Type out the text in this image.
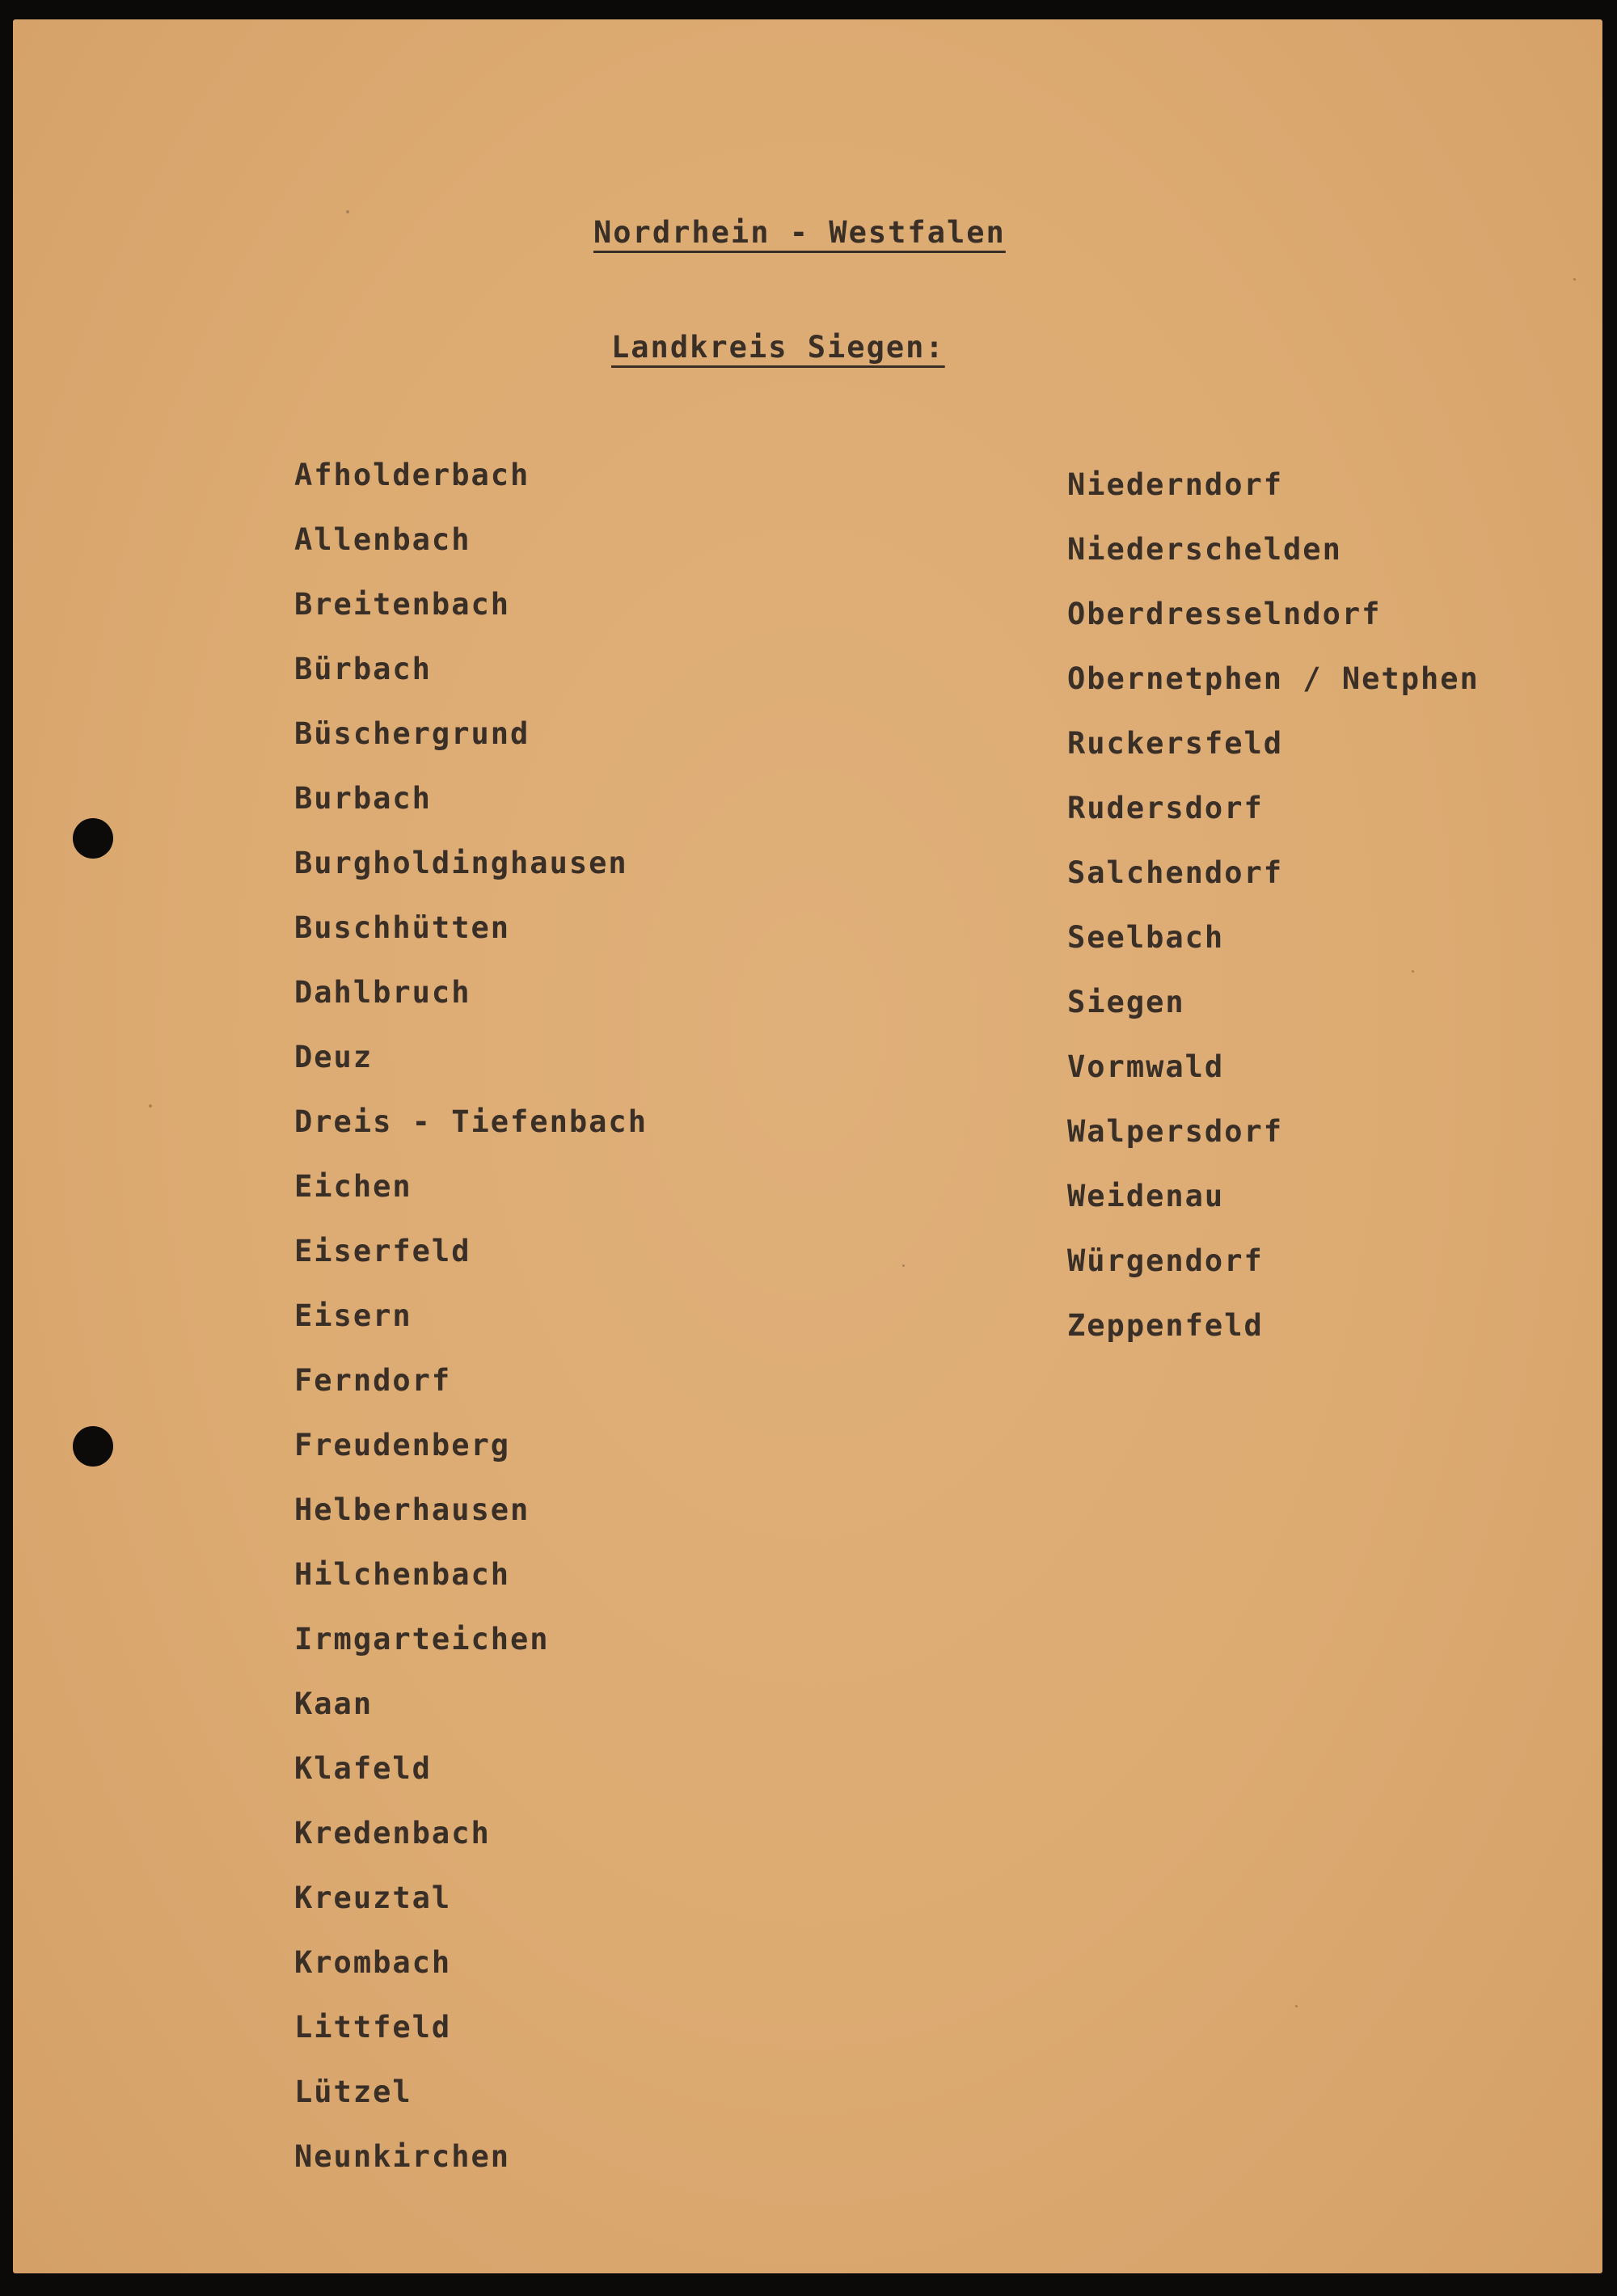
Nordrhein - Westfalen
Landkreis Siegen:
Afholderbach
Allenbach
Breitenbach
Bürbach
Büschergrund
Burbach
Burgholdinghausen
Buschhütten
Dahlbruch
Deuz
Dreis - Tiefenbach
Eichen
Eiserfeld
Eisern
Ferndorf
Freudenberg
Helberhausen
Hilchenbach
Irmgarteichen
Kaan
Klafeld
Kredenbach
Kreuztal
Krombach
Littfeld
Lützel
Neunkirchen
Niederndorf
Niederschelden
Oberdresselndorf
Obernetphen / Netphen
Ruckersfeld
Rudersdorf
Salchendorf
Seelbach
Siegen
Vormwald
Walpersdorf
Weidenau
Würgendorf
Zeppenfeld
